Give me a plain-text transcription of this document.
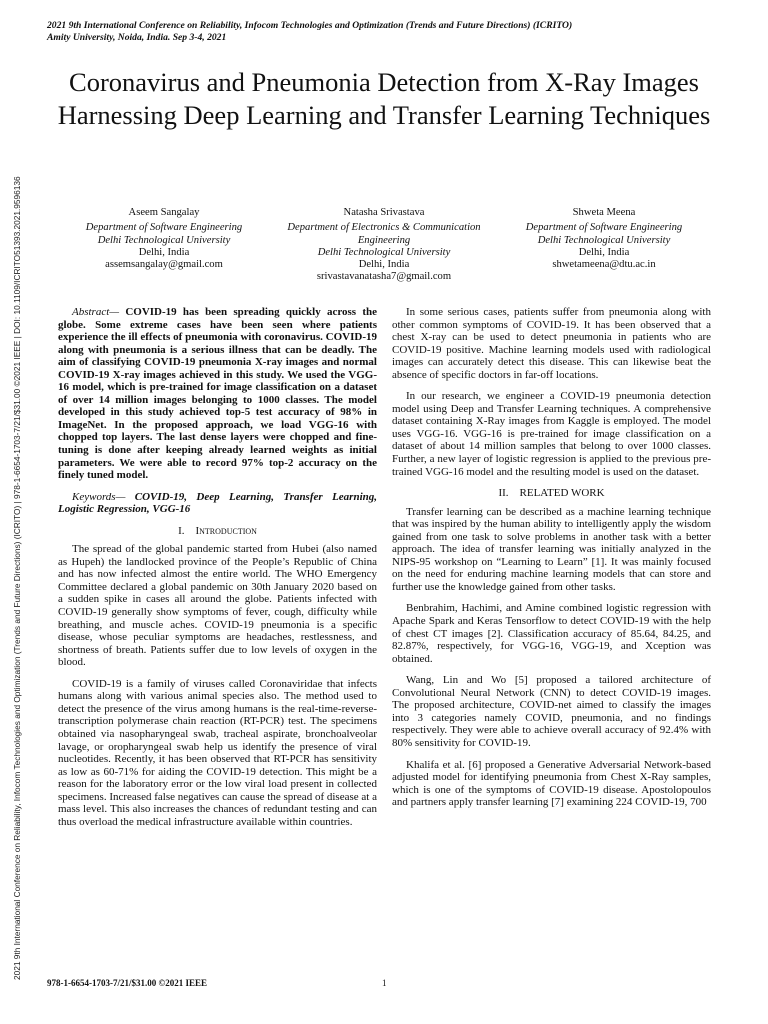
2021 9th International Conference on Reliability, Infocom Technologies and Optimization (Trends and Future Directions) (ICRITO)
Amity University, Noida, India. Sep 3-4, 2021
Coronavirus and Pneumonia Detection from X-Ray Images Harnessing Deep Learning and Transfer Learning Techniques
Aseem Sangalay
Department of Software Engineering
Delhi Technological University
Delhi, India
assemsangalay@gmail.com
Natasha Srivastava
Department of Electronics & Communication Engineering
Delhi Technological University
Delhi, India
srivastavanatasha7@gmail.com
Shweta Meena
Department of Software Engineering
Delhi Technological University
Delhi, India
shwetameena@dtu.ac.in
2021 9th International Conference on Reliability, Infocom Technologies and Optimization (Trends and Future Directions) (ICRITO) | 978-1-6654-1703-7/21/$31.00 ©2021 IEEE | DOI: 10.1109/ICRITO51393.2021.9596136	Abstract— COVID-19 has been spreading quickly across the globe. Some extreme cases have been seen where patients experience the ill effects of pneumonia with coronavirus. COVID-19 along with pneumonia is a serious illness that can be deadly. The aim of classifying COVID-19 pneumonia X-ray images and normal COVID-19 X-ray images achieved in this study. We used the VGG-16 model, which is pre-trained for image classification on a dataset of over 14 million images belonging to 1000 classes. The model developed in this study achieved top-5 test accuracy of 98% in ImageNet. In the proposed approach, we load VGG-16 with chopped top layers. The last dense layers were chopped and fine-tuning is done after keeping already learned weights as initial parameters. We were able to record 97% top-2 accuracy on the finely tuned model.

Keywords— COVID-19, Deep Learning, Transfer Learning, Logistic Regression, VGG-16

I. Introduction

The spread of the global pandemic started from Hubei (also named as Hupeh) the landlocked province of the People’s Republic of China and has now infected almost the entire world. The WHO Emergency Committee declared a global pandemic on 30th January 2020 based on a sudden spike in cases all around the globe. Patients infected with COVID-19 generally show symptoms of fever, cough, difficulty while breathing, and muscle aches. COVID-19 pneumonia is a specific disease, whose peculiar symptoms are headaches, restlessness, and shortness of breath. Patients suffer due to low levels of oxygen in the blood.

COVID-19 is a family of viruses called Coronaviridae that infects humans along with various animal species also. The method used to detect the presence of the virus among humans is the real-time-reverse-transcription polymerase chain reaction (RT-PCR) test. The specimens obtained via nasopharyngeal swab, tracheal aspirate, bronchoalveolar lavage, or oropharyngeal swab help us identify the presence of viral nucleotides. Recently, it has been observed that RT-PCR has sensitivity as low as 60-71% for aiding the COVID-19 detection. This might be a reason for the laboratory error or the low viral load present in collected specimens. Increased false negatives can cause the spread of disease at a mass level. This also increases the chances of redundant testing and can thus overload the medical infrastructure available within countries.

In some serious cases, patients suffer from pneumonia along with other common symptoms of COVID-19. It has been observed that a chest X-ray can be used to detect pneumonia in patients who are COVID-19 positive. Machine learning models used with radiological images can accurately detect this disease. This can likewise beat the absence of specific doctors in far-off locations.

In our research, we engineer a COVID-19 pneumonia detection model using Deep and Transfer Learning techniques. A comprehensive dataset containing X-Ray images from Kaggle is employed. The model uses VGG-16. VGG-16 is pre-trained for image classification on a dataset of about 14 million samples that belong to over 1000 classes. Further, a new layer of logistic regression is applied to the previous pre-trained VGG-16 model and the resulting model is used on the dataset.

II. RELATED WORK

Transfer learning can be described as a machine learning technique that was inspired by the human ability to intelligently apply the wisdom gained from one task to solve problems in another task with a better approach. The idea of transfer learning was initially analyzed in the NIPS-95 workshop on “Learning to Learn” [1]. It was mainly focused on the need for enduring machine learning models that can store and further use the knowledge gained from other tasks.

Benbrahim, Hachimi, and Amine combined logistic regression with Apache Spark and Keras Tensorflow to detect COVID-19 with the help of chest CT images [2]. Classification accuracy of 85.64, 84.25, and 82.87%, respectively, for VGG-16, VGG-19, and Xception was obtained.

Wang, Lin and Wo [5] proposed a tailored architecture of Convolutional Neural Network (CNN) to detect COVID-19 images. The proposed architecture, COVID-net aimed to classify the images into 3 categories namely COVID, pneumonia, and no findings respectively. They were able to achieve overall accuracy of 92.4% with 80% sensitivity for COVID-19.

Khalifa et al. [6] proposed a Generative Adversarial Network-based adjusted model for identifying pneumonia from Chest X-Ray samples, which is one of the symptoms of COVID-19 disease. Apostolopoulos and partners apply transfer learning [7] examining 224 COVID-19, 700

978-1-6654-1703-7/21/$31.00 ©2021 IEEE	1
